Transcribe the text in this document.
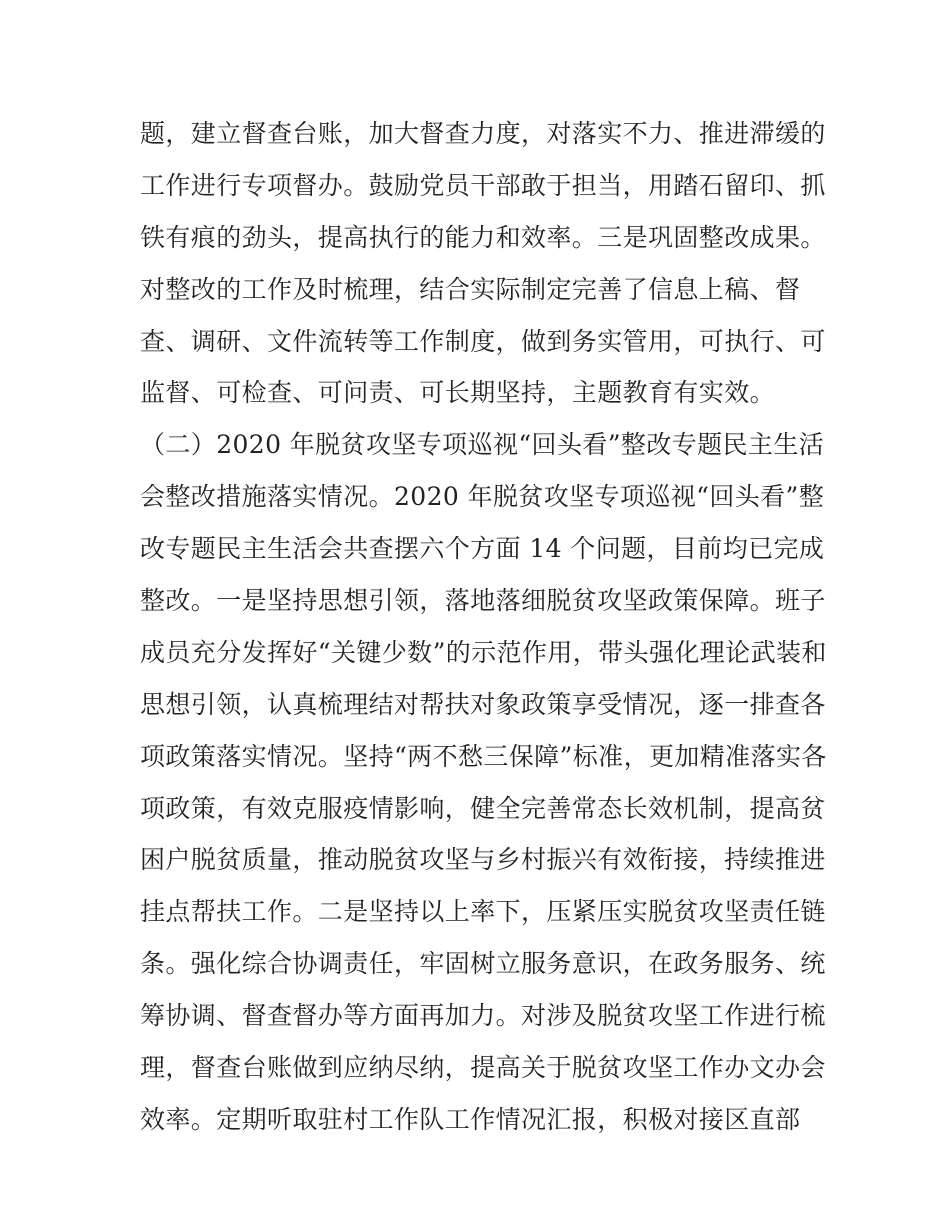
题，建立督查台账，加大督查力度，对落实不力、推进滞缓的
工作进行专项督办。鼓励党员干部敢于担当，用踏石留印、抓
铁有痕的劲头，提高执行的能力和效率。三是巩固整改成果。
对整改的工作及时梳理，结合实际制定完善了信息上稿、督
查、调研、文件流转等工作制度，做到务实管用，可执行、可
监督、可检查、可问责、可长期坚持，主题教育有实效。
（二）2020 年脱贫攻坚专项巡视“回头看”整改专题民主生活
会整改措施落实情况。2020 年脱贫攻坚专项巡视“回头看”整
改专题民主生活会共查摆六个方面 14 个问题，目前均已完成
整改。一是坚持思想引领，落地落细脱贫攻坚政策保障。班子
成员充分发挥好“关键少数”的示范作用，带头强化理论武装和
思想引领，认真梳理结对帮扶对象政策享受情况，逐一排查各
项政策落实情况。坚持“两不愁三保障”标准，更加精准落实各
项政策，有效克服疫情影响，健全完善常态长效机制，提高贫
困户脱贫质量，推动脱贫攻坚与乡村振兴有效衔接，持续推进
挂点帮扶工作。二是坚持以上率下，压紧压实脱贫攻坚责任链
条。强化综合协调责任，牢固树立服务意识，在政务服务、统
筹协调、督查督办等方面再加力。对涉及脱贫攻坚工作进行梳
理，督查台账做到应纳尽纳，提高关于脱贫攻坚工作办文办会
效率。定期听取驻村工作队工作情况汇报，积极对接区直部
